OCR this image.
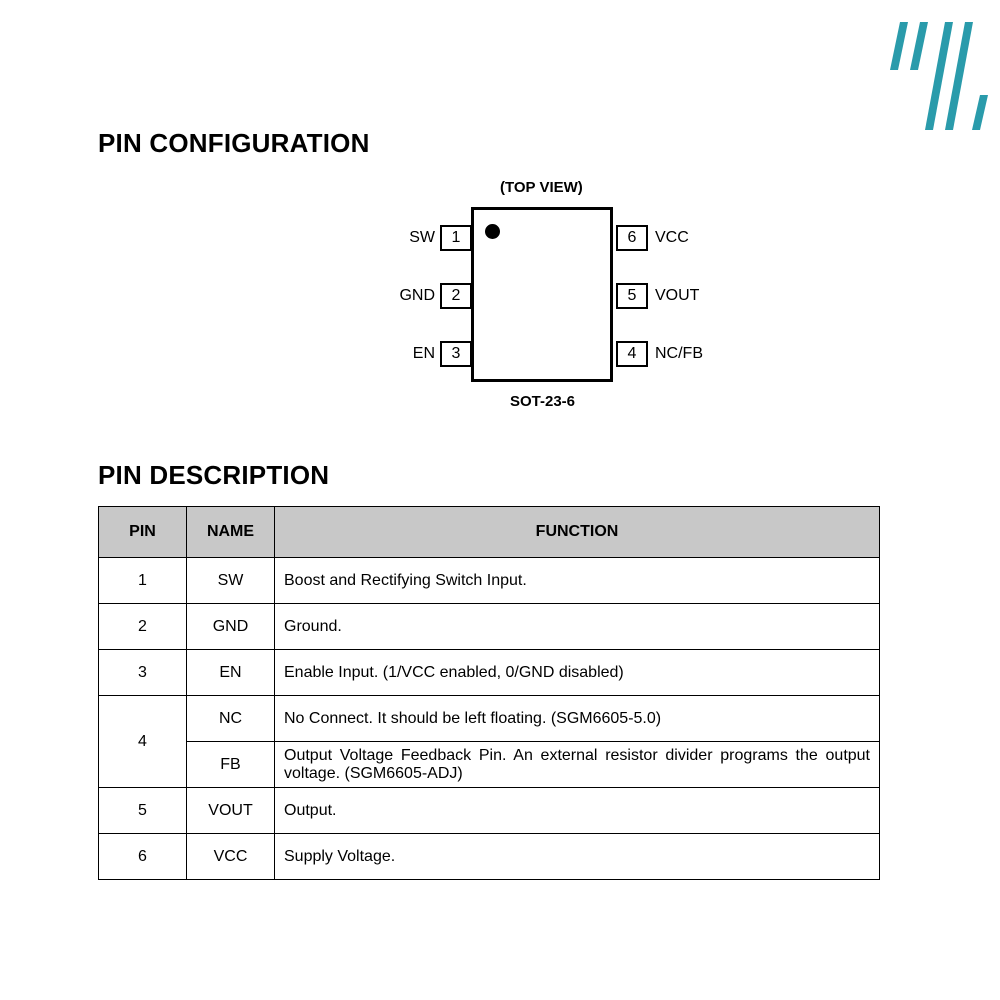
PIN CONFIGURATION
(TOP VIEW)
SW	1
GND	2
EN	3
6	VCC
5	VOUT
4	NC/FB
SOT-23-6
PIN DESCRIPTION
PIN	NAME	FUNCTION
1	SW	Boost and Rectifying Switch Input.
2	GND	Ground.
3	EN	Enable Input. (1/VCC enabled, 0/GND disabled)
4	NC	No Connect. It should be left floating. (SGM6605-5.0)
	FB	Output Voltage Feedback Pin. An external resistor divider programs the output voltage. (SGM6605-ADJ)
5	VOUT	Output.
6	VCC	Supply Voltage.
